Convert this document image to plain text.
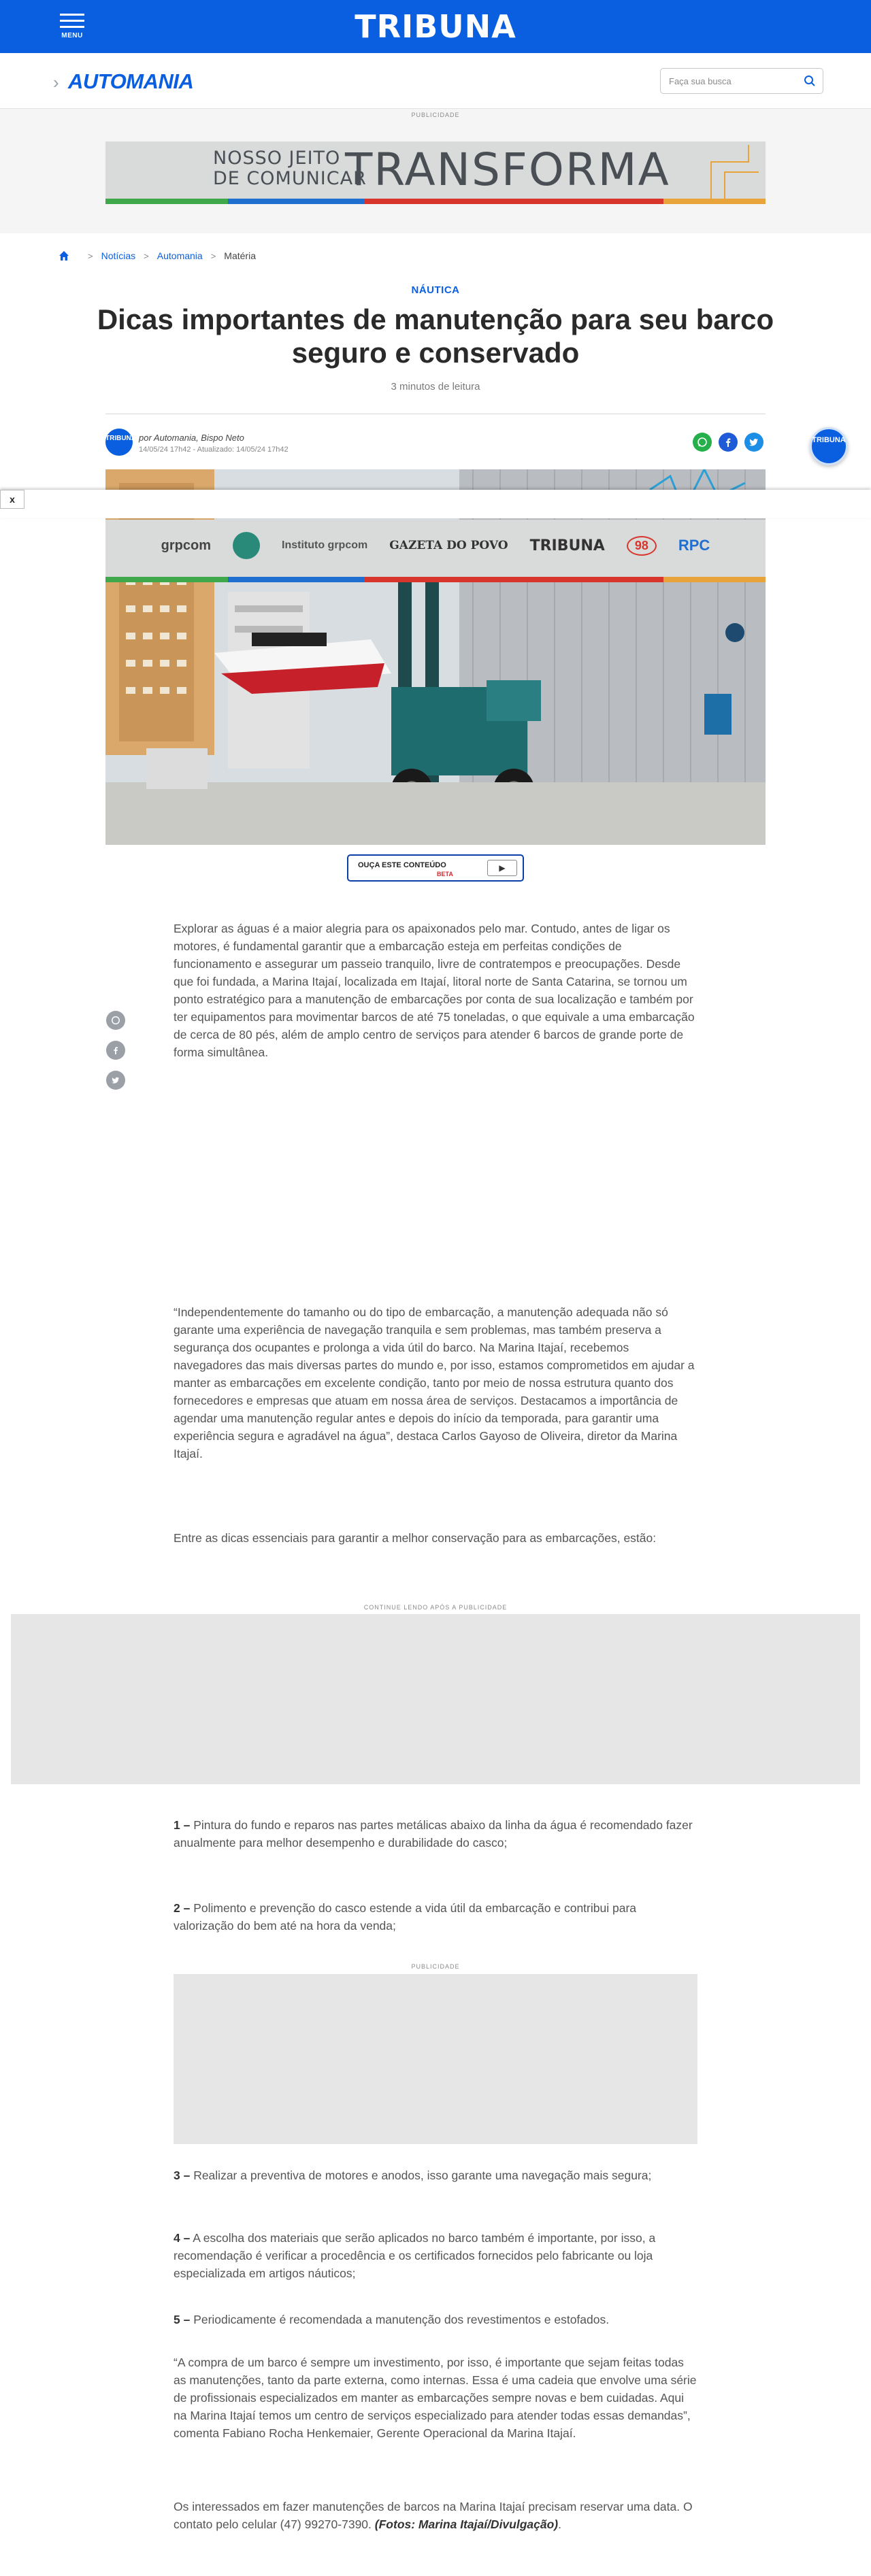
MENU	TRIBUNA
› AUTOMANIA
Faça sua busca
PUBLICIDADE
NOSSO JEITO
DE COMUNICAR
TRANSFORMA
> Notícias > Automania > Matéria
NÁUTICA
Dicas importantes de manutenção para seu barco seguro e conservado
3 minutos de leitura
TRIBUNA por Automania, Bispo Neto
14/05/24 17h42 - Atualizado: 14/05/24 17h42
TRIBUNA
x
grpcom	Instituto grpcom GAZETA DO POVO TRIBUNA	98	RPC
OUÇA ESTE CONTEÚDO
BETA
▶

Explorar as águas é a maior alegria para os apaixonados pelo mar. Contudo, antes de ligar os motores, é fundamental garantir que a embarcação esteja em perfeitas condições de funcionamento e assegurar um passeio tranquilo, livre de contratempos e preocupações. Desde que foi fundada, a Marina Itajaí, localizada em Itajaí, litoral norte de Santa Catarina, se tornou um ponto estratégico para a manutenção de embarcações por conta de sua localização e também por ter equipamentos para movimentar barcos de até 75 toneladas, o que equivale a uma embarcação de cerca de 80 pés, além de amplo centro de serviços para atender 6 barcos de grande porte de forma simultânea.

“Independentemente do tamanho ou do tipo de embarcação, a manutenção adequada não só garante uma experiência de navegação tranquila e sem problemas, mas também preserva a segurança dos ocupantes e prolonga a vida útil do barco. Na Marina Itajaí, recebemos navegadores das mais diversas partes do mundo e, por isso, estamos comprometidos em ajudar a manter as embarcações em excelente condição, tanto por meio de nossa estrutura quanto dos fornecedores e empresas que atuam em nossa área de serviços. Destacamos a importância de agendar uma manutenção regular antes e depois do início da temporada, para garantir uma experiência segura e agradável na água”, destaca Carlos Gayoso de Oliveira, diretor da Marina Itajaí.

Entre as dicas essenciais para garantir a melhor conservação para as embarcações, estão:

CONTINUE LENDO APÓS A PUBLICIDADE

1 – Pintura do fundo e reparos nas partes metálicas abaixo da linha da água é recomendado fazer anualmente para melhor desempenho e durabilidade do casco;

2 – Polimento e prevenção do casco estende a vida útil da embarcação e contribui para valorização do bem até na hora da venda;

PUBLICIDADE

3 – Realizar a preventiva de motores e anodos, isso garante uma navegação mais segura;

4 – A escolha dos materiais que serão aplicados no barco também é importante, por isso, a recomendação é verificar a procedência e os certificados fornecidos pelo fabricante ou loja especializada em artigos náuticos;

5 – Periodicamente é recomendada a manutenção dos revestimentos e estofados.

“A compra de um barco é sempre um investimento, por isso, é importante que sejam feitas todas as manutenções, tanto da parte externa, como internas. Essa é uma cadeia que envolve uma série de profissionais especializados em manter as embarcações sempre novas e bem cuidadas. Aqui na Marina Itajaí temos um centro de serviços especializado para atender todas essas demandas”, comenta Fabiano Rocha Henkemaier, Gerente Operacional da Marina Itajaí.

Os interessados em fazer manutenções de barcos na Marina Itajaí precisam reservar uma data. O contato pelo celular (47) 99270-7390. (Fotos: Marina Itajaí/Divulgação).
